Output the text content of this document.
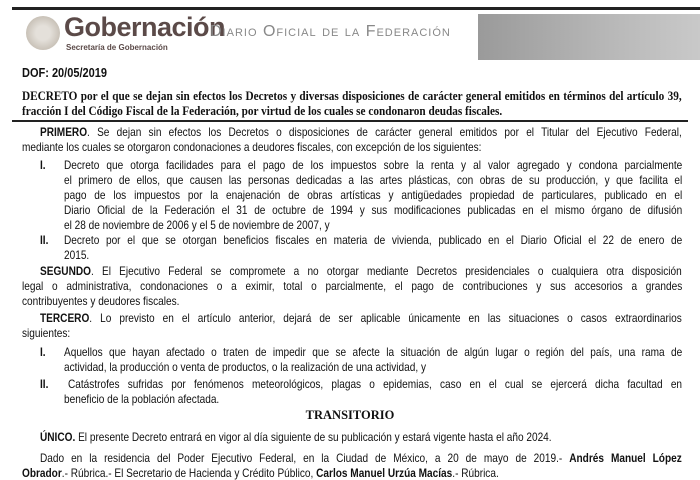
Gobernación
Secretaría de Gobernación
Diario Oficial de la Federación
DOF: 20/05/2019
DECRETO por el que se dejan sin efectos los Decretos y diversas disposiciones de carácter general emitidos en términos del artículo 39,
fracción I del Código Fiscal de la Federación, por virtud de los cuales se condonaron deudas fiscales.
PRIMERO. Se dejan sin efectos los Decretos o disposiciones de carácter general emitidos por el Titular del Ejecutivo Federal,
mediante los cuales se otorgaron condonaciones a deudores fiscales, con excepción de los siguientes:
I. Decreto que otorga facilidades para el pago de los impuestos sobre la renta y al valor agregado y condona parcialmente
el primero de ellos, que causen las personas dedicadas a las artes plásticas, con obras de su producción, y que facilita el
pago de los impuestos por la enajenación de obras artísticas y antigüedades propiedad de particulares, publicado en el
Diario Oficial de la Federación el 31 de octubre de 1994 y sus modificaciones publicadas en el mismo órgano de difusión
el 28 de noviembre de 2006 y el 5 de noviembre de 2007, y
II. Decreto por el que se otorgan beneficios fiscales en materia de vivienda, publicado en el Diario Oficial el 22 de enero de
2015.
SEGUNDO. El Ejecutivo Federal se compromete a no otorgar mediante Decretos presidenciales o cualquiera otra disposición
legal o administrativa, condonaciones o a eximir, total o parcialmente, el pago de contribuciones y sus accesorios a grandes
contribuyentes y deudores fiscales.
TERCERO. Lo previsto en el artículo anterior, dejará de ser aplicable únicamente en las situaciones o casos extraordinarios
siguientes:
I. Aquellos que hayan afectado o traten de impedir que se afecte la situación de algún lugar o región del país, una rama de
actividad, la producción o venta de productos, o la realización de una actividad, y
II. Catástrofes sufridas por fenómenos meteorológicos, plagas o epidemias, caso en el cual se ejercerá dicha facultad en
beneficio de la población afectada.
TRANSITORIO
ÚNICO. El presente Decreto entrará en vigor al día siguiente de su publicación y estará vigente hasta el año 2024.
Dado en la residencia del Poder Ejecutivo Federal, en la Ciudad de México, a 20 de mayo de 2019.- Andrés Manuel López
Obrador.- Rúbrica.- El Secretario de Hacienda y Crédito Público, Carlos Manuel Urzúa Macías.- Rúbrica.
